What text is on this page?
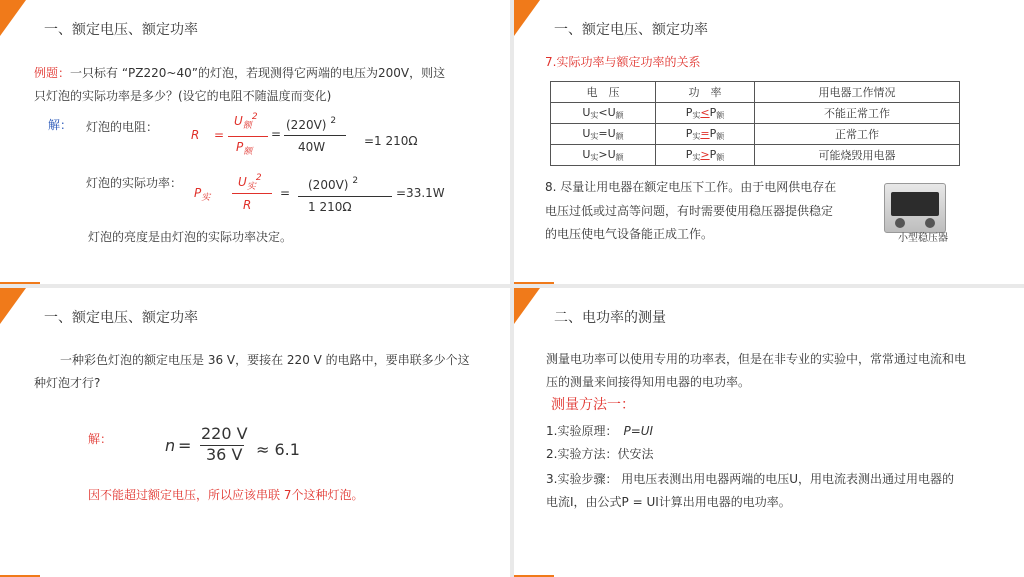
一、额定电压、额定功率
例题：一只标有 “PZ220~40”的灯泡，若现测得它两端的电压为200V，则这
只灯泡的实际功率是多少？(设它的电阻不随温度而变化)
解： 灯泡的电阻：
R =
$U_额^2$
$P_额$
=
(220V) $^2$
40W	=1 210Ω
灯泡的实际功率：
$P_实$
$U_实^2$
R
=
(200V) $^2$
1 210Ω
=33.1W
灯泡的亮度是由灯泡的实际功率决定。
一、额定电压、额定功率
7.实际功率与额定功率的关系
电　压	功　率	用电器工作情况
$U_实<U_额$	$P_实<P_额$	不能正常工作
$U_实=U_额$	$P_实=P_额$	正常工作
$U_实>U_额$	$P_实>P_额$	可能烧毁用电器
8. 尽量让用电器在额定电压下工作。由于电网供电存在
电压过低或过高等问题，有时需要使用稳压器提供稳定
的电压使电气设备能正成工作。	小型稳压器
一、额定电压、额定功率
一种彩色灯泡的额定电压是 36 V，要接在 220 V 的电路中，要串联多少个这
种灯泡才行?
解：	n =
220 V
36 V ≈ 6.1
因不能超过额定电压，所以应该串联 7个这种灯泡。
二、电功率的测量
测量电功率可以使用专用的功率表，但是在非专业的实验中，常常通过电流和电
压的测量来间接得知用电器的电功率。
测量方法一：
1.实验原理： P=UI
2.实验方法：伏安法
3.实验步骤： 用电压表测出用电器两端的电压U，用电流表测出通过用电器的
电流I，由公式P = UI计算出用电器的电功率。
